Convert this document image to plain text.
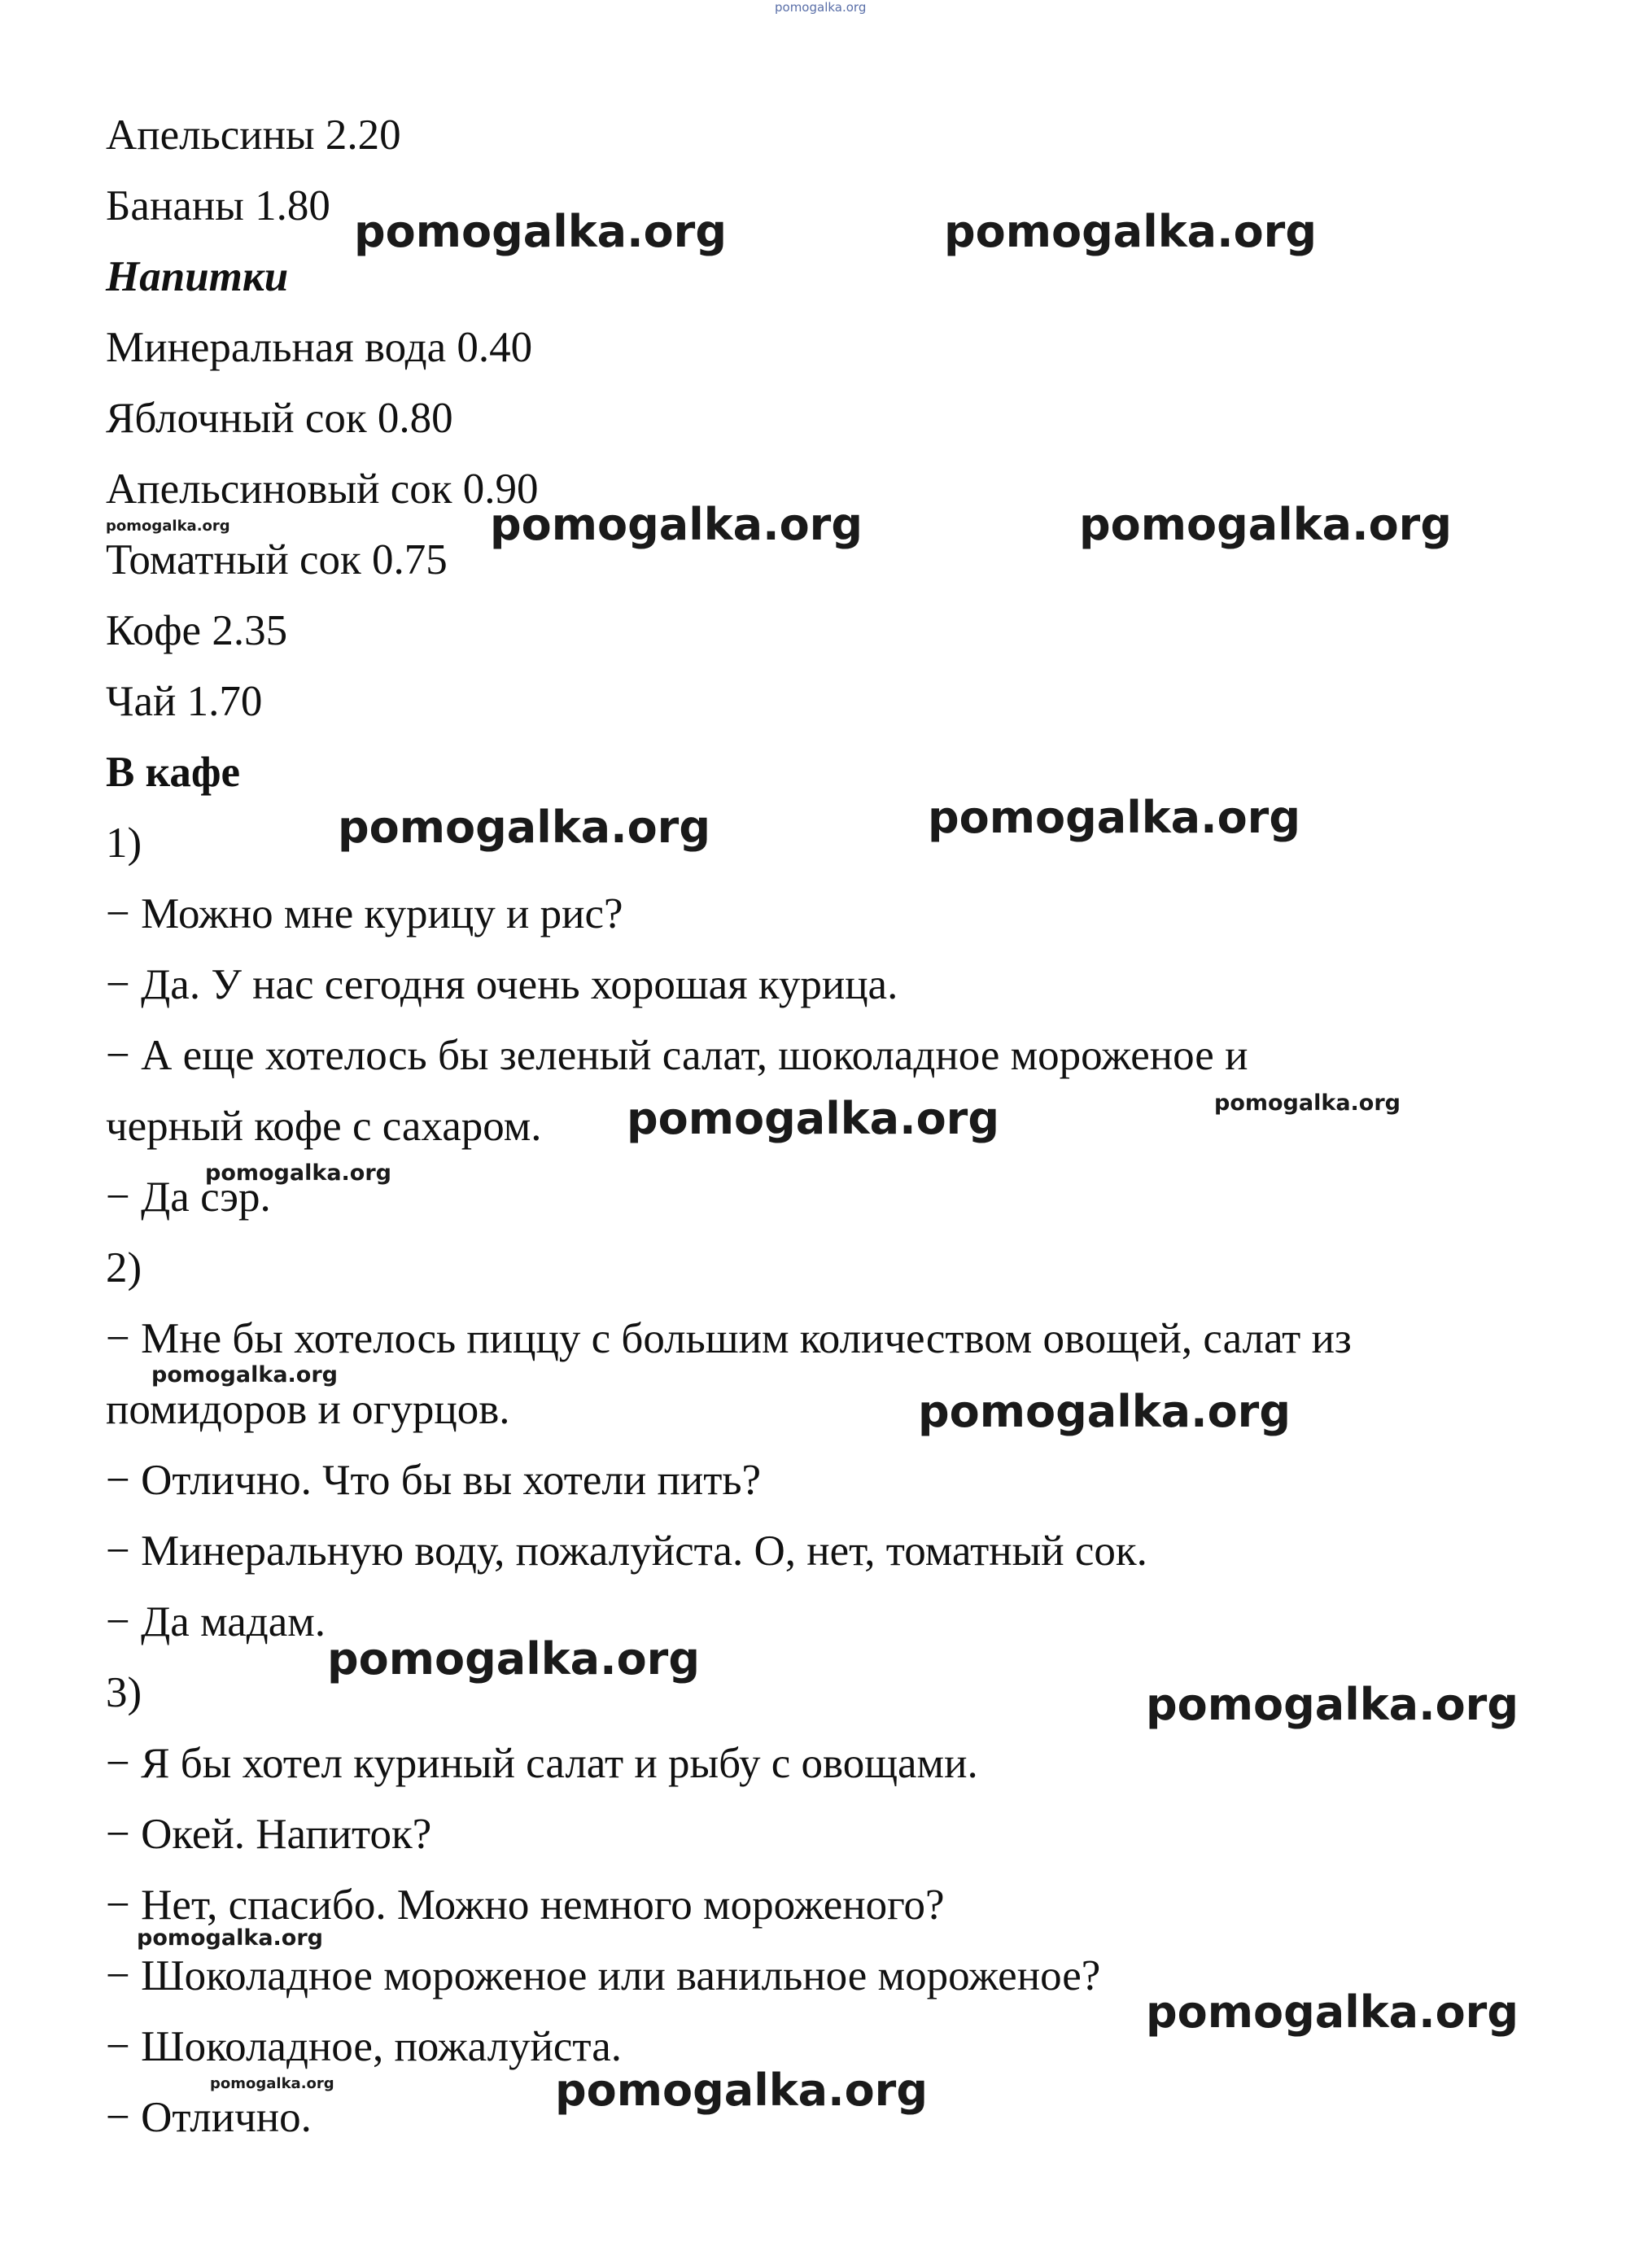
pomogalka.org
Апельсины 2.20
Бананы 1.80
Напитки
Минеральная вода 0.40
Яблочный сок 0.80
Апельсиновый сок 0.90
Томатный сок 0.75
Кофе 2.35
Чай 1.70
В кафе
1)
− Можно мне курицу и рис?
− Да. У нас сегодня очень хорошая курица.
− А еще хотелось бы зеленый салат, шоколадное мороженое и
черный кофе с сахаром.
− Да сэр.
2)
− Мне бы хотелось пиццу с большим количеством овощей, салат из
помидоров и огурцов.
− Отлично. Что бы вы хотели пить?
− Минеральную воду, пожалуйста. О, нет, томатный сок.
− Да мадам.
3)
− Я бы хотел куриный салат и рыбу с овощами.
− Окей. Напиток?
− Нет, спасибо. Можно немного мороженого?
− Шоколадное мороженое или ванильное мороженое?
− Шоколадное, пожалуйста.
− Отлично.
pomogalka.org	pomogalka.org
pomogalka.org	pomogalka.org	pomogalka.org
pomogalka.org	pomogalka.org
pomogalka.org	pomogalka.org
pomogalka.org
pomogalka.org
pomogalka.org
pomogalka.org
pomogalka.org
pomogalka.org
pomogalka.org
pomogalka.org	pomogalka.org
